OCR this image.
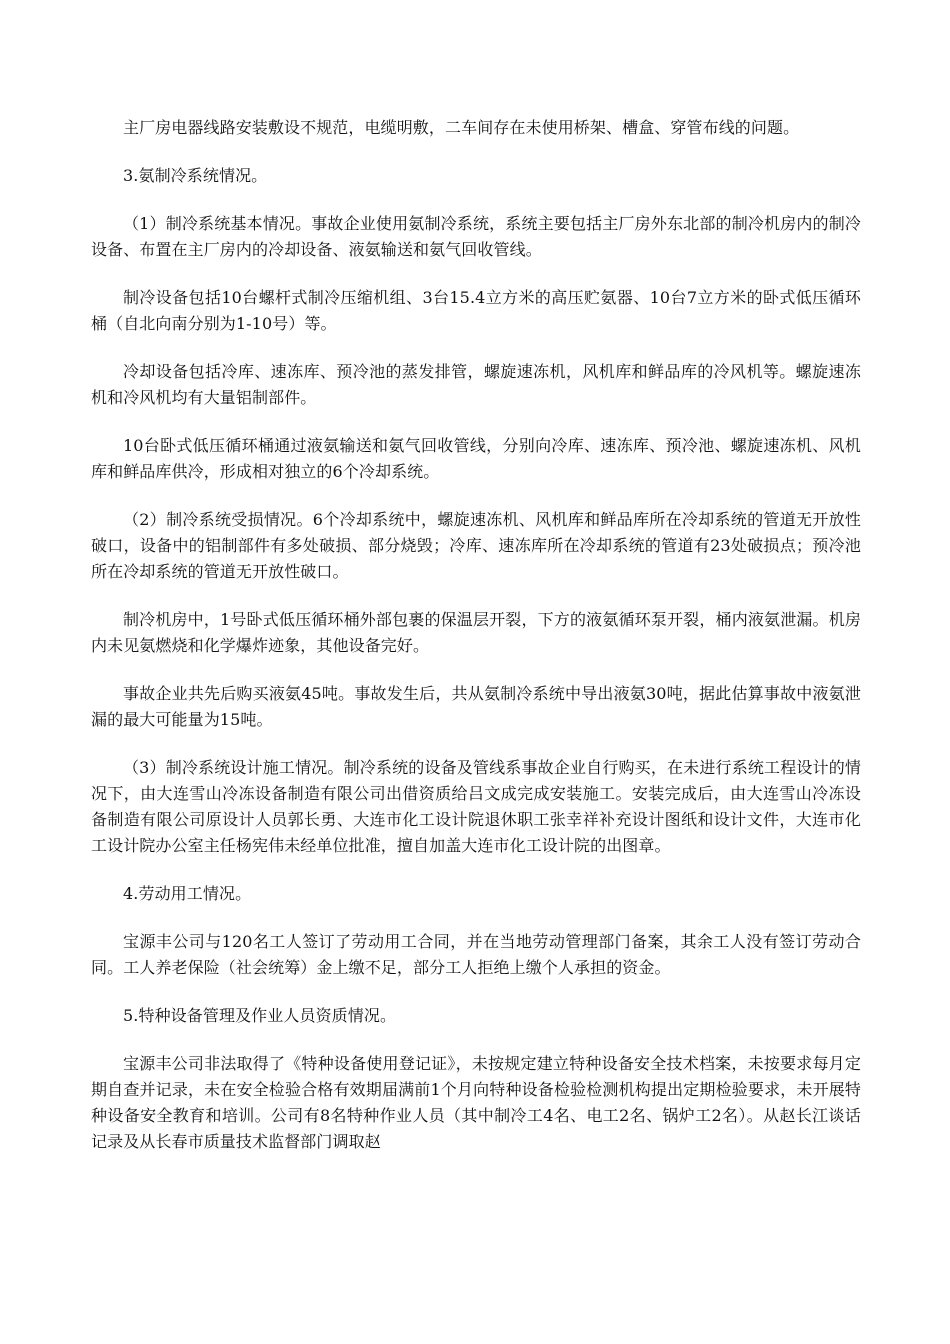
主厂房电器线路安装敷设不规范，电缆明敷，二车间存在未使用桥架、槽盒、穿管布线的问题。

3.氨制冷系统情况。

（1）制冷系统基本情况。事故企业使用氨制冷系统，系统主要包括主厂房外东北部的制冷机房内的制冷设备、布置在主厂房内的冷却设备、液氨输送和氨气回收管线。

制冷设备包括10台螺杆式制冷压缩机组、3台15.4立方米的高压贮氨器、10台7立方米的卧式低压循环桶（自北向南分别为1-10号）等。

冷却设备包括冷库、速冻库、预冷池的蒸发排管，螺旋速冻机，风机库和鲜品库的冷风机等。螺旋速冻机和冷风机均有大量铝制部件。

10台卧式低压循环桶通过液氨输送和氨气回收管线，分别向冷库、速冻库、预冷池、螺旋速冻机、风机库和鲜品库供冷，形成相对独立的6个冷却系统。

（2）制冷系统受损情况。6个冷却系统中，螺旋速冻机、风机库和鲜品库所在冷却系统的管道无开放性破口，设备中的铝制部件有多处破损、部分烧毁；冷库、速冻库所在冷却系统的管道有23处破损点；预冷池所在冷却系统的管道无开放性破口。

制冷机房中，1号卧式低压循环桶外部包裹的保温层开裂，下方的液氨循环泵开裂，桶内液氨泄漏。机房内未见氨燃烧和化学爆炸迹象，其他设备完好。

事故企业共先后购买液氨45吨。事故发生后，共从氨制冷系统中导出液氨30吨，据此估算事故中液氨泄漏的最大可能量为15吨。

（3）制冷系统设计施工情况。制冷系统的设备及管线系事故企业自行购买，在未进行系统工程设计的情况下，由大连雪山冷冻设备制造有限公司出借资质给吕文成完成安装施工。安装完成后，由大连雪山冷冻设备制造有限公司原设计人员郭长勇、大连市化工设计院退休职工张幸祥补充设计图纸和设计文件，大连市化工设计院办公室主任杨宪伟未经单位批准，擅自加盖大连市化工设计院的出图章。

4.劳动用工情况。

宝源丰公司与120名工人签订了劳动用工合同，并在当地劳动管理部门备案，其余工人没有签订劳动合同。工人养老保险（社会统筹）金上缴不足，部分工人拒绝上缴个人承担的资金。

5.特种设备管理及作业人员资质情况。

宝源丰公司非法取得了《特种设备使用登记证》，未按规定建立特种设备安全技术档案，未按要求每月定期自查并记录，未在安全检验合格有效期届满前1个月向特种设备检验检测机构提出定期检验要求，未开展特种设备安全教育和培训。公司有8名特种作业人员（其中制冷工4名、电工2名、锅炉工2名）。从赵长江谈话记录及从长春市质量技术监督部门调取赵
